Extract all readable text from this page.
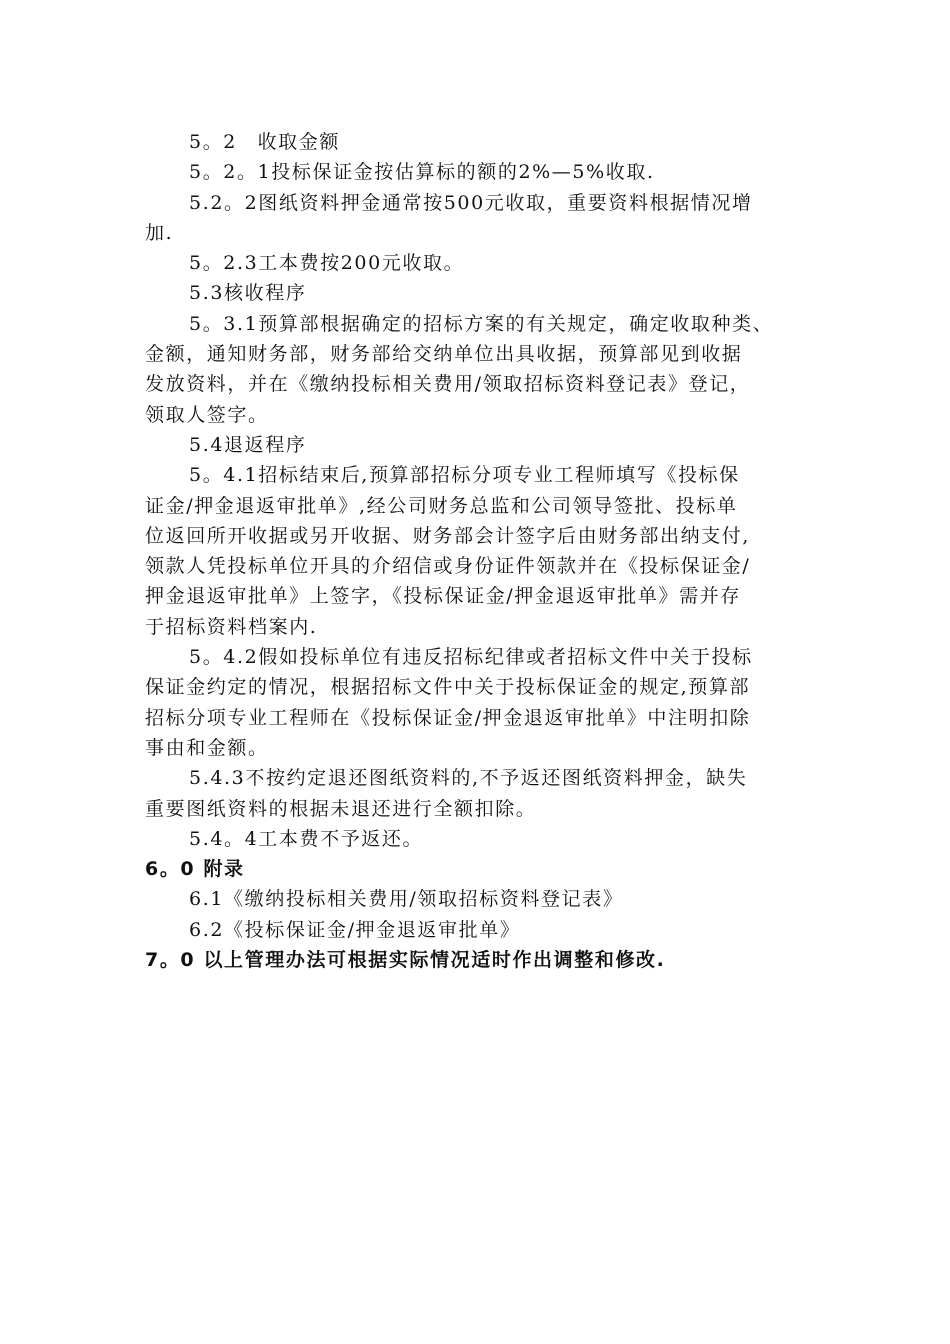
5。2　收取金额

5。2。1投标保证金按估算标的额的2%—5%收取.

5.2。2图纸资料押金通常按500元收取，重要资料根据情况增
加.

5。2.3工本费按200元收取。

5.3核收程序

5。3.1预算部根据确定的招标方案的有关规定，确定收取种类、
金额，通知财务部，财务部给交纳单位出具收据，预算部见到收据
发放资料，并在《缴纳投标相关费用/领取招标资料登记表》登记，
领取人签字。

5.4退返程序

5。4.1招标结束后,预算部招标分项专业工程师填写《投标保
证金/押金退返审批单》,经公司财务总监和公司领导签批、投标单
位返回所开收据或另开收据、财务部会计签字后由财务部出纳支付,
领款人凭投标单位开具的介绍信或身份证件领款并在《投标保证金/
押金退返审批单》上签字，《投标保证金/押金退返审批单》需并存
于招标资料档案内.

5。4.2假如投标单位有违反招标纪律或者招标文件中关于投标
保证金约定的情况，根据招标文件中关于投标保证金的规定,预算部
招标分项专业工程师在《投标保证金/押金退返审批单》中注明扣除
事由和金额。

5.4.3不按约定退还图纸资料的,不予返还图纸资料押金，缺失
重要图纸资料的根据未退还进行全额扣除。

5.4。4工本费不予返还。

6。0 附录

6.1《缴纳投标相关费用/领取招标资料登记表》

6.2《投标保证金/押金退返审批单》

7。0 以上管理办法可根据实际情况适时作出调整和修改.
